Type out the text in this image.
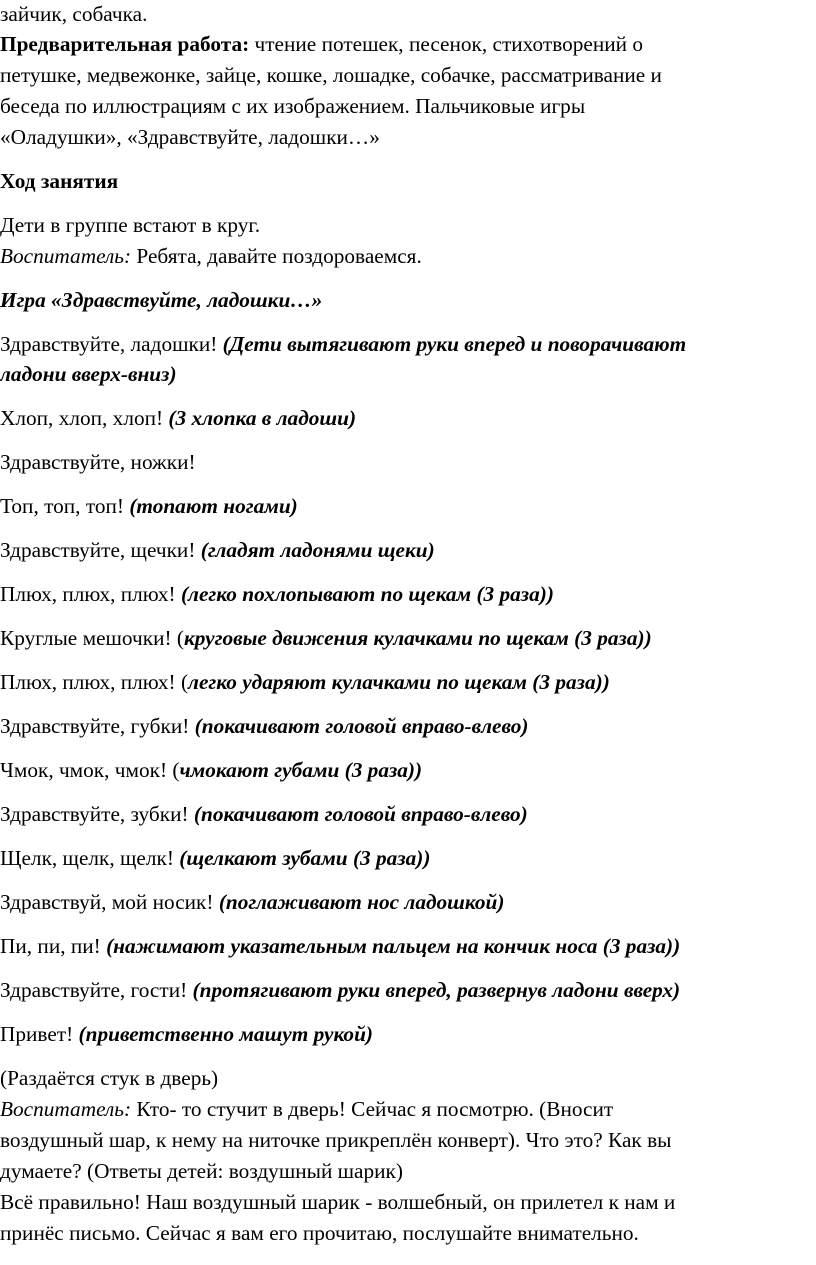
зайчик, собачка.
Предварительная работа: чтение потешек, песенок, стихотворений о
петушке, медвежонке, зайце, кошке, лошадке, собачке, рассматривание и
беседа по иллюстрациям с их изображением. Пальчиковые игры
«Оладушки», «Здравствуйте, ладошки…»
Ход занятия
Дети в группе встают в круг.
Воспитатель: Ребята, давайте поздороваемся.
Игра «Здравствуйте, ладошки…»
Здравствуйте, ладошки! (Дети вытягивают руки вперед и поворачивают
ладони вверх-вниз)
Хлоп, хлоп, хлоп! (3 хлопка в ладоши)
Здравствуйте, ножки!
Топ, топ, топ! (топают ногами)
Здравствуйте, щечки! (гладят ладонями щеки)
Плюх, плюх, плюх! (легко похлопывают по щекам (3 раза))
Круглые мешочки! (круговые движения кулачками по щекам (3 раза))
Плюх, плюх, плюх! (легко ударяют кулачками по щекам (3 раза))
Здравствуйте, губки! (покачивают головой вправо-влево)
Чмок, чмок, чмок! (чмокают губами (3 раза))
Здравствуйте, зубки! (покачивают головой вправо-влево)
Щелк, щелк, щелк! (щелкают зубами (3 раза))
Здравствуй, мой носик! (поглаживают нос ладошкой)
Пи, пи, пи! (нажимают указательным пальцем на кончик носа (3 раза))
Здравствуйте, гости! (протягивают руки вперед, развернув ладони вверх)
Привет! (приветственно машут рукой)
(Раздаётся стук в дверь)
Воспитатель: Кто- то стучит в дверь! Сейчас я посмотрю. (Вносит
воздушный шар, к нему на ниточке прикреплён конверт). Что это? Как вы
думаете? (Ответы детей: воздушный шарик)
Всё правильно! Наш воздушный шарик - волшебный, он прилетел к нам и
принёс письмо. Сейчас я вам его прочитаю, послушайте внимательно.
